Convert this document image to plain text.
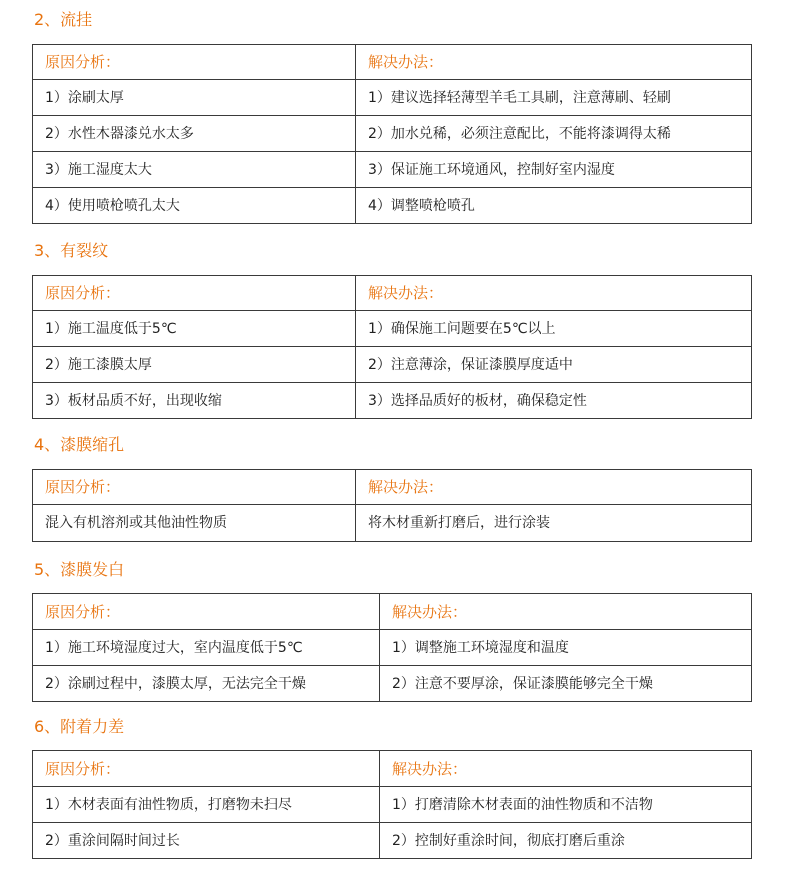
2、流挂
原因分析：	解决办法：
1）涂刷太厚	1）建议选择轻薄型羊毛工具刷，注意薄刷、轻刷
2）水性木器漆兑水太多	2）加水兑稀，必须注意配比，不能将漆调得太稀
3）施工湿度太大	3）保证施工环境通风，控制好室内湿度
4）使用喷枪喷孔太大	4）调整喷枪喷孔
3、有裂纹
原因分析：	解决办法：
1）施工温度低于5℃	1）确保施工问题要在5℃以上
2）施工漆膜太厚	2）注意薄涂，保证漆膜厚度适中
3）板材品质不好，出现收缩	3）选择品质好的板材，确保稳定性
4、漆膜缩孔
原因分析：	解决办法：
混入有机溶剂或其他油性物质	将木材重新打磨后，进行涂装
5、漆膜发白
原因分析：	解决办法：
1）施工环境湿度过大，室内温度低于5℃	1）调整施工环境湿度和温度
2）涂刷过程中，漆膜太厚，无法完全干燥	2）注意不要厚涂，保证漆膜能够完全干燥
6、附着力差
原因分析：	解决办法：
1）木材表面有油性物质，打磨物未扫尽	1）打磨清除木材表面的油性物质和不洁物
2）重涂间隔时间过长	2）控制好重涂时间，彻底打磨后重涂
